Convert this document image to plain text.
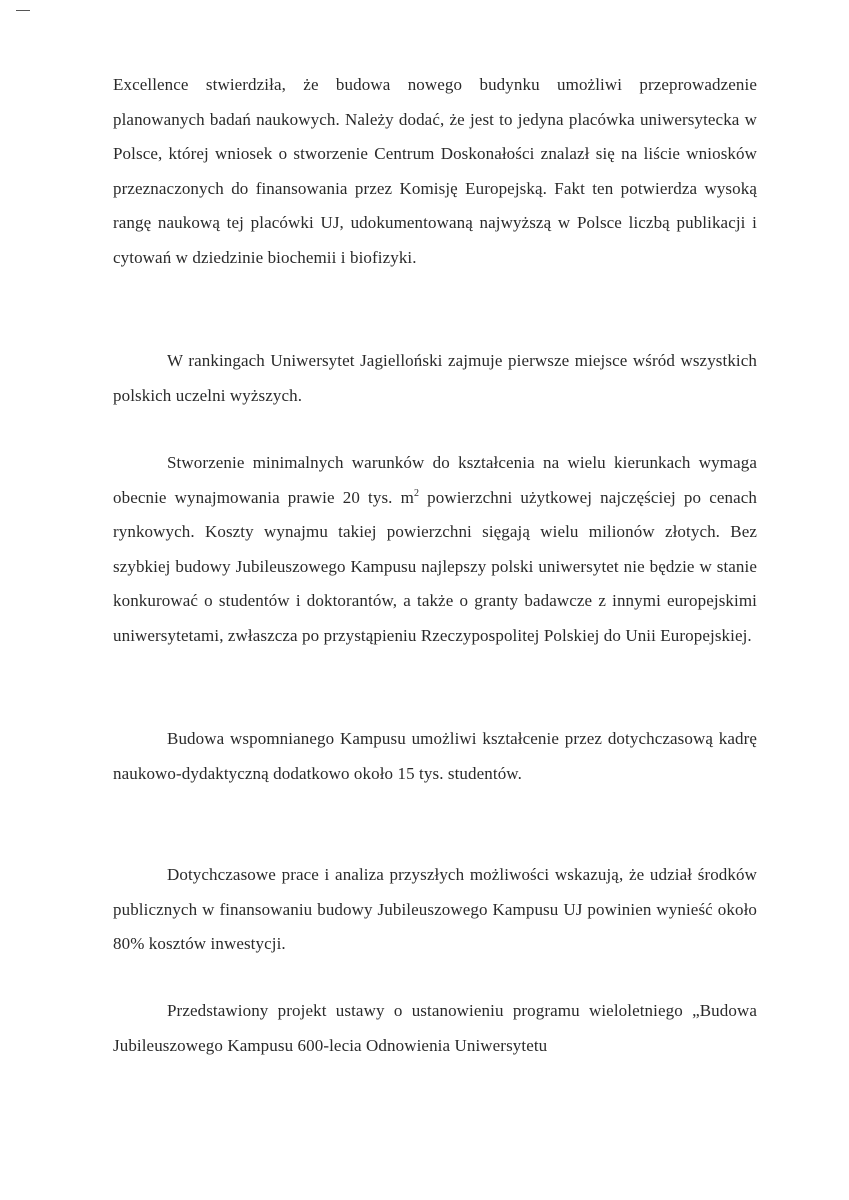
Excellence stwierdziła, że budowa nowego budynku umożliwi przeprowadzenie planowanych badań naukowych. Należy dodać, że jest to jedyna placówka uniwersytecka w Polsce, której wniosek o stworzenie Centrum Doskonałości znalazł się na liście wniosków przeznaczonych do finansowania przez Komisję Europejską. Fakt ten potwierdza wysoką rangę naukową tej placówki UJ, udokumentowaną najwyższą w Polsce liczbą publikacji i cytowań w dziedzinie biochemii i biofizyki.

W rankingach Uniwersytet Jagielloński zajmuje pierwsze miejsce wśród wszystkich polskich uczelni wyższych.

Stworzenie minimalnych warunków do kształcenia na wielu kierunkach wymaga obecnie wynajmowania prawie 20 tys. $m^2$ powierzchni użytkowej najczęściej po cenach rynkowych. Koszty wynajmu takiej powierzchni sięgają wielu milionów złotych. Bez szybkiej budowy Jubileuszowego Kampusu najlepszy polski uniwersytet nie będzie w stanie konkurować o studentów i doktorantów, a także o granty badawcze z innymi europejskimi uniwersytetami, zwłaszcza po przystąpieniu Rzeczypospolitej Polskiej do Unii Europejskiej.

Budowa wspomnianego Kampusu umożliwi kształcenie przez dotychczasową kadrę naukowo-dydaktyczną dodatkowo około 15 tys. studentów.

Dotychczasowe prace i analiza przyszłych możliwości wskazują, że udział środków publicznych w finansowaniu budowy Jubileuszowego Kampusu UJ powinien wynieść około 80% kosztów inwestycji.

Przedstawiony projekt ustawy o ustanowieniu programu wieloletniego „Budowa Jubileuszowego Kampusu 600-lecia Odnowienia Uniwersytetu
